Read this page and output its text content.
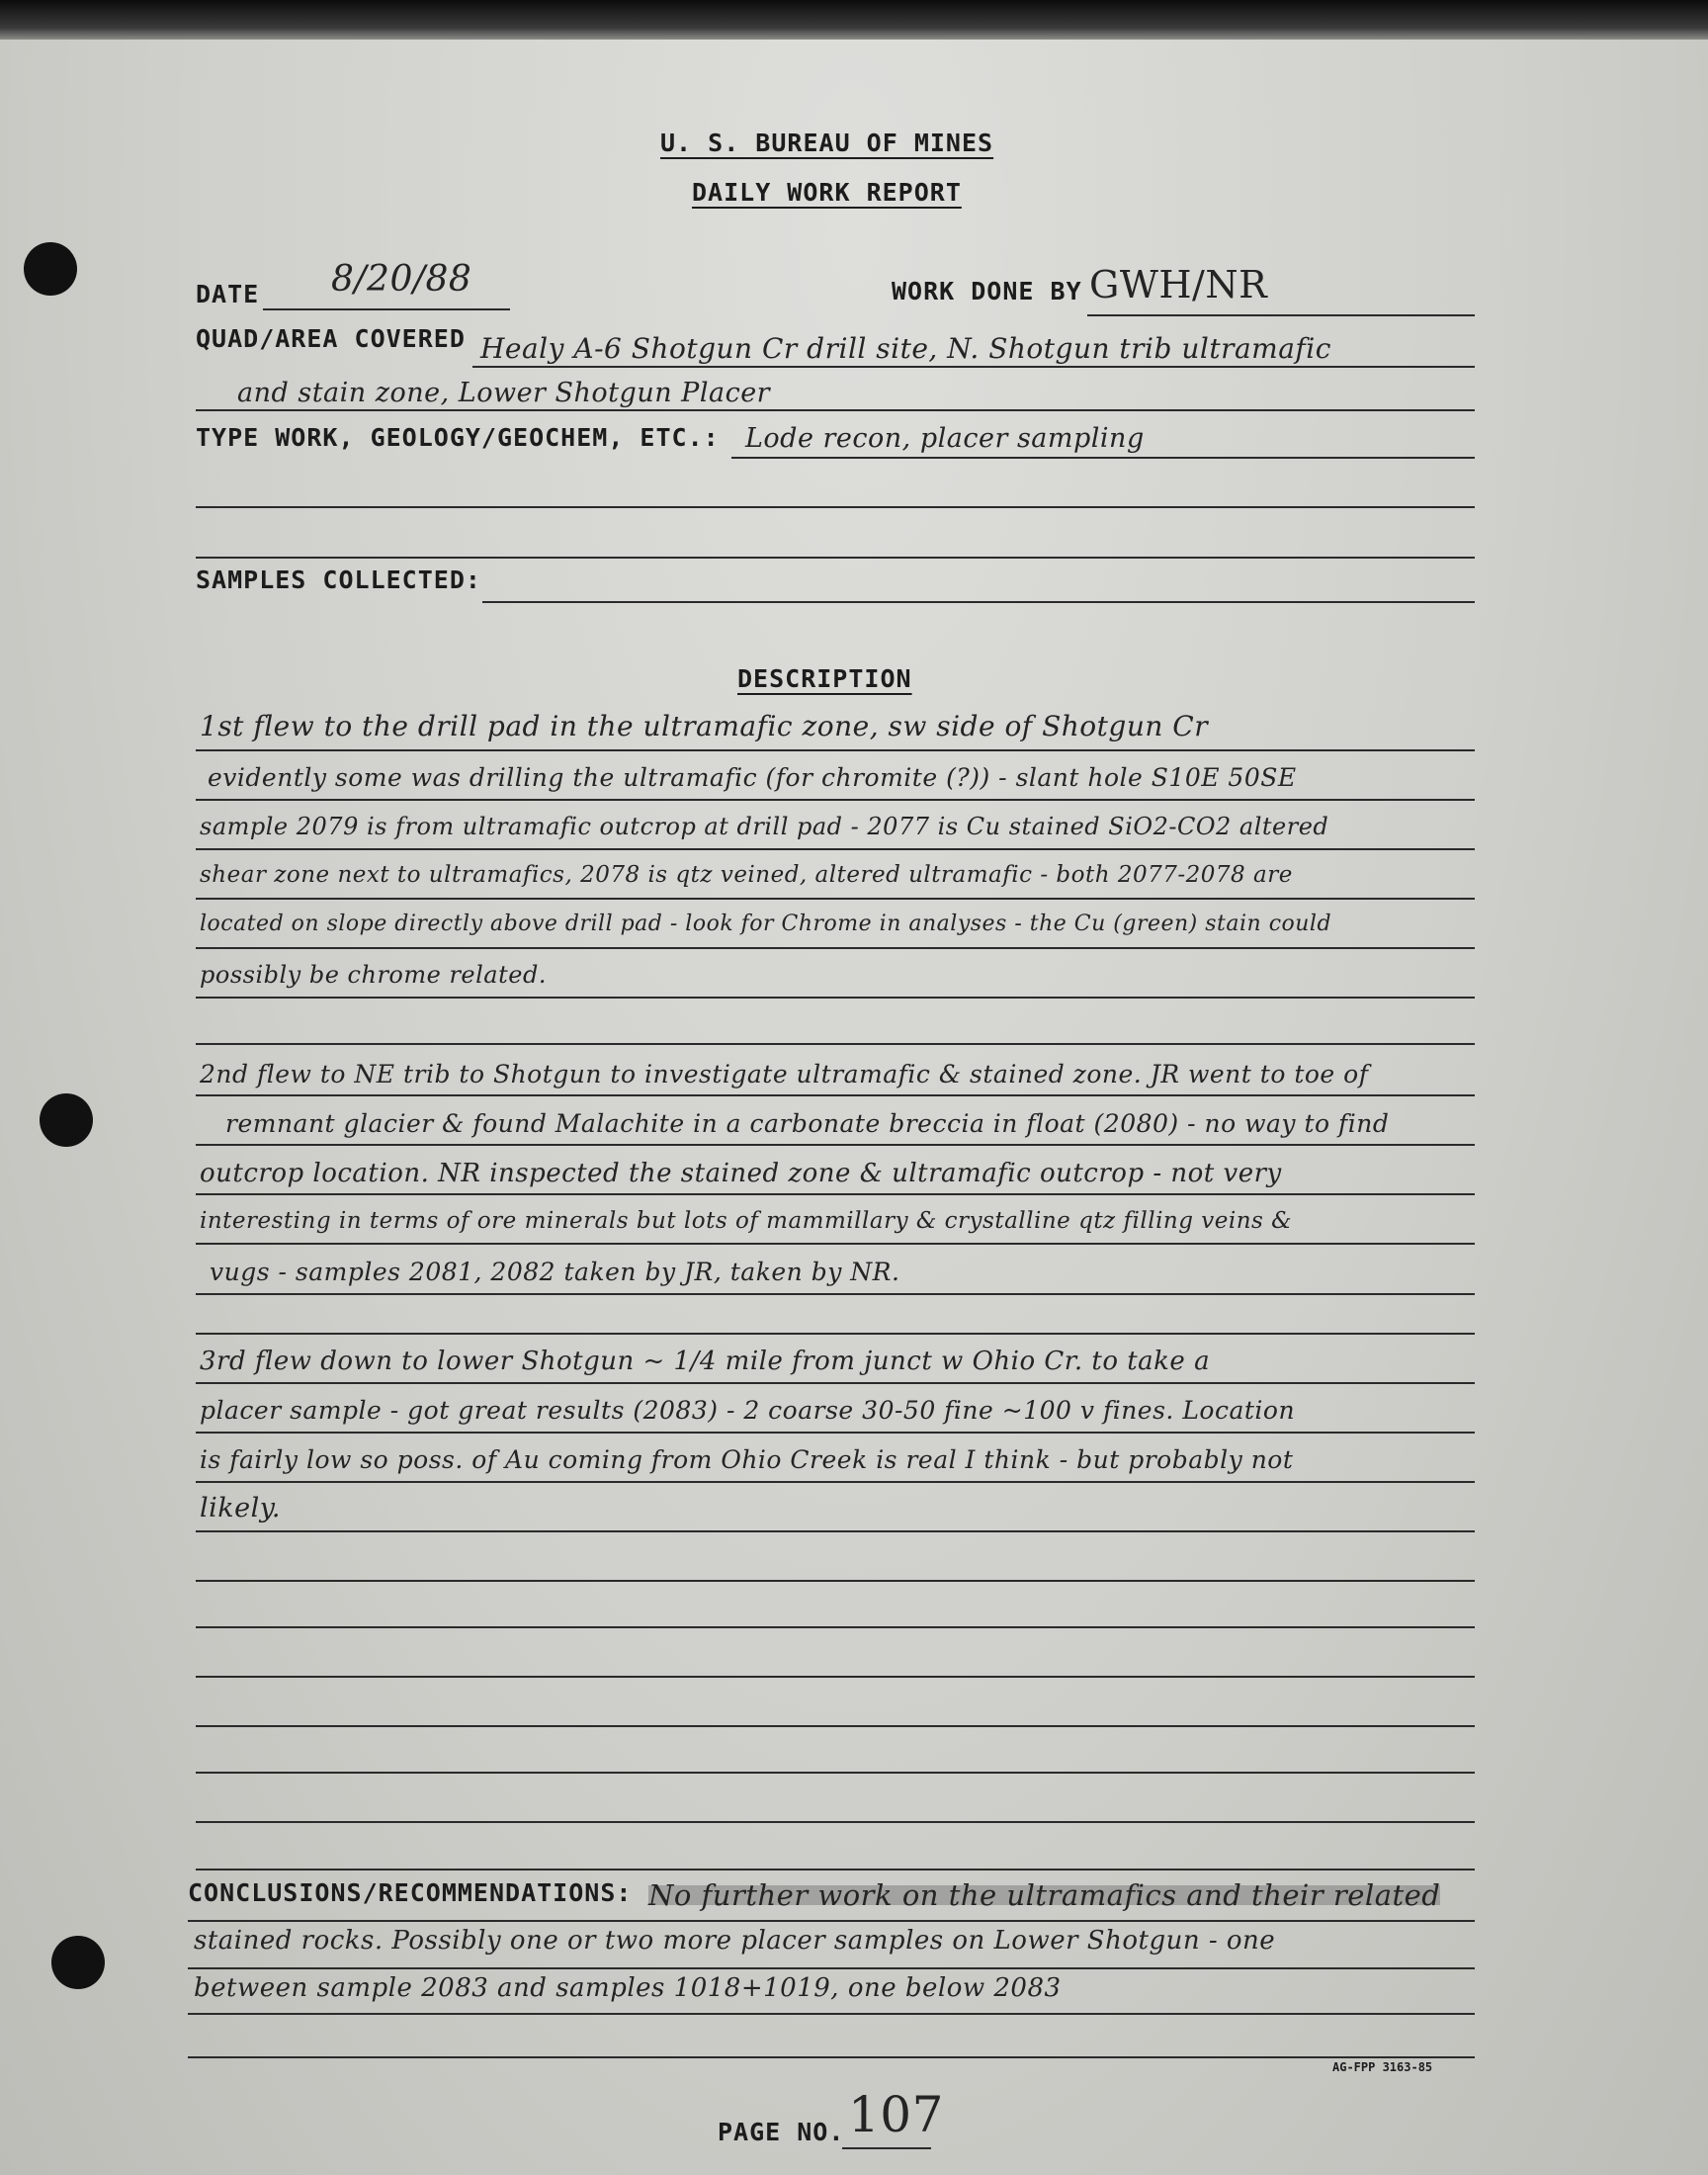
U. S. BUREAU OF MINES
DAILY WORK REPORT
DATE 8/20/88	WORK DONE BY GWH/NR
QUAD/AREA COVERED Healy A-6 Shotgun Cr drill site, N. Shotgun trib ultramafic
and stain zone, Lower Shotgun Placer
TYPE WORK, GEOLOGY/GEOCHEM, ETC.: Lode recon, placer sampling
SAMPLES COLLECTED:
DESCRIPTION
1st flew to the drill pad in the ultramafic zone, sw side of Shotgun Cr
evidently some was drilling the ultramafic (for chromite (?)) - slant hole S10E 50SE
sample 2079 is from ultramafic outcrop at drill pad - 2077 is Cu stained SiO2-CO2 altered
shear zone next to ultramafics, 2078 is qtz veined, altered ultramafic - both 2077-2078 are
located on slope directly above drill pad - look for Chrome in analyses - the Cu (green) stain could
possibly be chrome related.
2nd flew to NE trib to Shotgun to investigate ultramafic & stained zone. JR went to toe of
remnant glacier & found Malachite in a carbonate breccia in float (2080) - no way to find
outcrop location. NR inspected the stained zone & ultramafic outcrop - not very
interesting in terms of ore minerals but lots of mammillary & crystalline qtz filling veins &
vugs - samples 2081, 2082 taken by JR, taken by NR.
3rd flew down to lower Shotgun ~ 1/4 mile from junct w Ohio Cr. to take a
placer sample - got great results (2083) - 2 coarse 30-50 fine ~100 v fines. Location
is fairly low so poss. of Au coming from Ohio Creek is real I think - but probably not
likely.
CONCLUSIONS/RECOMMENDATIONS: No further work on the ultramafics and their related
stained rocks. Possibly one or two more placer samples on Lower Shotgun - one
between sample 2083 and samples 1018+1019, one below 2083
AG-FPP 3163-85
PAGE NO. 107
